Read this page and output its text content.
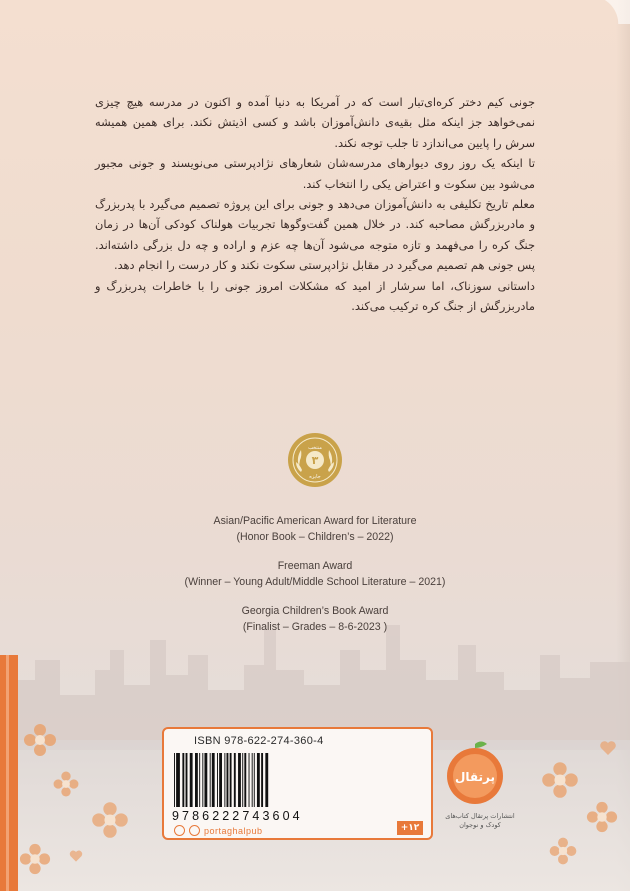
جونی کیم دختر کره‌ای‌تبار است که در آمریکا به دنیا آمده و اکنون در مدرسه هیچ چیزی نمی‌خواهد جز اینکه مثل بقیه‌ی دانش‌آموزان باشد و کسی اذیتش نکند. برای همین همیشه سرش را پایین می‌اندازد تا جلب توجه نکند.

تا اینکه یک روز روی دیوارهای مدرسه‌شان شعارهای نژادپرستی می‌نویسند و جونی مجبور می‌شود بین سکوت و اعتراض یکی را انتخاب کند.

معلم تاریخ تکلیفی به دانش‌آموزان می‌دهد و جونی برای این پروژه تصمیم می‌گیرد با پدربزرگ و مادربزرگش مصاحبه کند. در خلال همین گفت‌وگوها تجربیات هولناک کودکی آن‌ها در زمان جنگ کره را می‌فهمد و تازه متوجه می‌شود آن‌ها چه عزم و اراده و چه دل بزرگی داشته‌اند. پس جونی هم تصمیم می‌گیرد در مقابل نژادپرستی سکوت نکند و کار درست را انجام دهد.

داستانی سوزناک، اما سرشار از امید که مشکلات امروز جونی را با خاطرات پدربزرگ و مادربزرگش از جنگ کره ترکیب می‌کند.

منتخب
۳
جایزه
Asian/Pacific American Award for Literature
(Honor Book – Children’s – 2022)
Freeman Award
(Winner – Young Adult/Middle School Literature – 2021)
Georgia Children’s Book Award
(Finalist – Grades – 8-6-2023 )
ISBN 978-622-274-360-4
9786222743604
portaghalpub	+۱۲
پرتقال
انتشارات پرتقال کتاب‌های کودک و نوجوان
